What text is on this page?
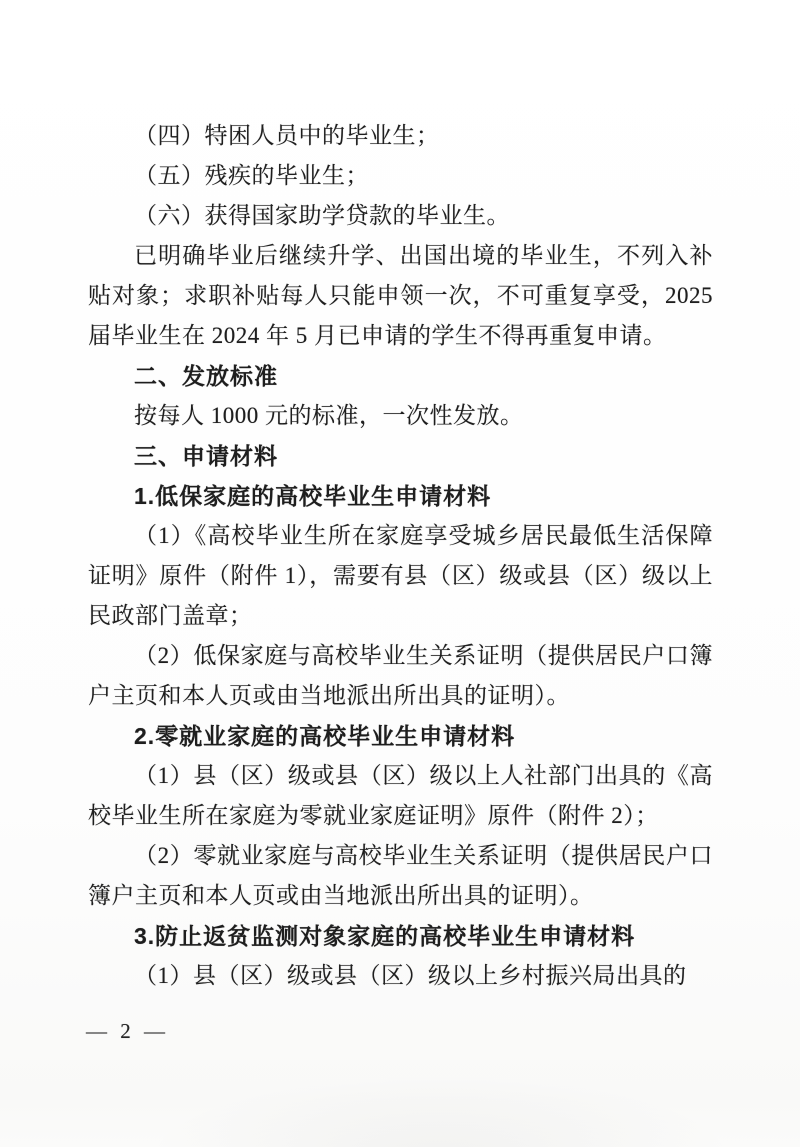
（四）特困人员中的毕业生；

（五）残疾的毕业生；

（六）获得国家助学贷款的毕业生。

已明确毕业后继续升学、出国出境的毕业生，不列入补贴对象；求职补贴每人只能申领一次，不可重复享受，2025 届毕业生在 2024 年 5 月已申请的学生不得再重复申请。

二、发放标准

按每人 1000 元的标准，一次性发放。

三、申请材料

1.低保家庭的高校毕业生申请材料

（1）《高校毕业生所在家庭享受城乡居民最低生活保障证明》原件（附件 1），需要有县（区）级或县（区）级以上民政部门盖章；

（2）低保家庭与高校毕业生关系证明（提供居民户口簿户主页和本人页或由当地派出所出具的证明）。

2.零就业家庭的高校毕业生申请材料

（1）县（区）级或县（区）级以上人社部门出具的《高校毕业生所在家庭为零就业家庭证明》原件（附件 2）；

（2）零就业家庭与高校毕业生关系证明（提供居民户口簿户主页和本人页或由当地派出所出具的证明）。

3.防止返贫监测对象家庭的高校毕业生申请材料

（1）县（区）级或县（区）级以上乡村振兴局出具的

— 2 —
